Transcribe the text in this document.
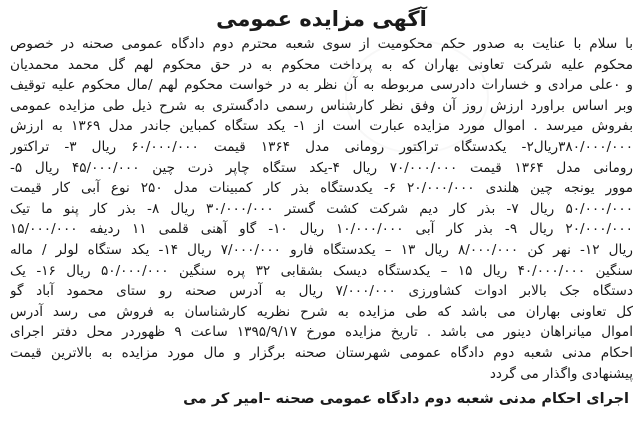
آگهی مزایده عمومی
با سلام با عنایت به صدور حکم محکومیت از سوی شعبه محترم دوم دادگاه عمومی صحنه در خصوص
محکوم علیه شرکت تعاونی بهاران که به پرداخت محکوم به در حق محکوم لهم گل محمد محمدیان
و ۰علی مرادی و خسارات دادرسی مربوطه به آن نظر به در خواست محکوم لهم /مال محکوم علیه توقیف
وبر اساس براورد ارزش روز آن وفق نظر کارشناس رسمی دادگستری به شرح ذیل طی مزایده عمومی
بفروش میرسد . اموال مورد مزایده عبارت است از ۱- یکد ستگاه کمباین جاندر مدل ۱۳۶۹ به ارزش
۳۸۰/۰۰۰/۰۰۰ریال۲- یکدستگاه تراکتور رومانی مدل ۱۳۶۴ قیمت ۶۰/۰۰۰/۰۰۰ ریال ۳- تراکتور
رومانی مدل ۱۳۶۴ قیمت ۷۰/۰۰۰/۰۰۰ ریال ۴-یکد ستگاه چاپر ذرت چین ۴۵/۰۰۰/۰۰۰ ریال ۵-
موور یونجه چین هلندی ۲۰/۰۰۰/۰۰۰ ۶- یکدستگاه بذر کار کمبینات مدل ۲۵۰ نوع آبی کار قیمت
۵۰/۰۰۰/۰۰۰ ریال ۷- بذر کار دیم شرکت کشت گستر ۳۰/۰۰۰/۰۰۰ ریال ۸- بذر کار پنو ما تیک
۲۰/۰۰۰/۰۰۰ ریال ۹- بذر کار آبی ۱۰/۰۰۰/۰۰۰ ریال ۱۰- گاو آهنی قلمی ۱۱ ردیفه ۱۵/۰۰۰/۰۰۰
ریال ۱۲- نهر کن ۸/۰۰۰/۰۰۰ ریال ۱۳ – یکدستگاه فارو ۷/۰۰۰/۰۰۰ ریال ۱۴- یکد ستگاه لولر / ماله
سنگین ۴۰/۰۰۰/۰۰۰ ریال ۱۵ – یکدستگاه دیسک بشقابی ۳۲ پره سنگین ۵۰/۰۰۰/۰۰۰ ریال ۱۶- یک
دستگاه جک بالابر ادوات کشاورزی ۷/۰۰۰/۰۰۰ ریال به آدرس صحنه رو ستای محمود آباد گو
کل تعاونی بهاران می باشد که طی مزایده به شرح نظریه کارشناسان به فروش می رسد آدرس
اموال میانراهان دینور می باشد . تاریخ مزایده مورخ ۱۳۹۵/۹/۱۷ ساعت ۹ ظهوردر محل دفتر اجرای
احکام مدنی شعبه دوم دادگاه عمومی شهرستان صحنه برگزار و مال مورد مزایده به بالاترین قیمت
پیشنهادی واگذار می گردد
اجرای احکام مدنی شعبه دوم دادگاه عمومی صحنه –امیر کر می
